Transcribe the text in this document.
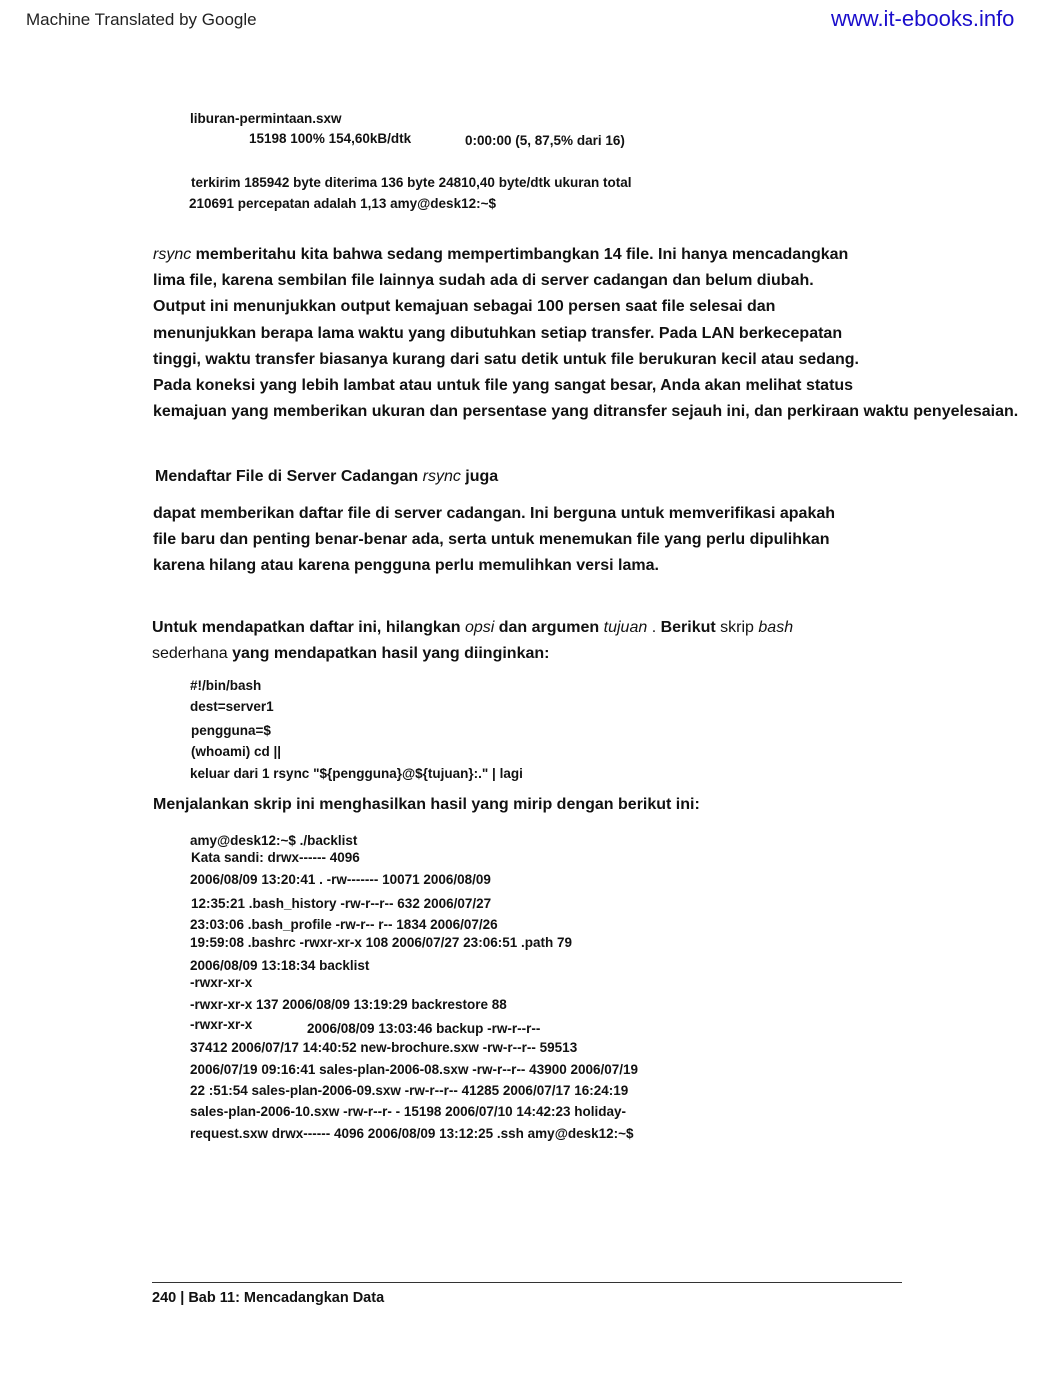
Machine Translated by Google	www.it-ebooks.info
liburan-permintaan.sxw
15198 100% 154,60kB/dtk	0:00:00 (5, 87,5% dari 16)
terkirim 185942 byte diterima 136 byte 24810,40 byte/dtk ukuran total
210691 percepatan adalah 1,13 amy@desk12:~$
rsync memberitahu kita bahwa sedang mempertimbangkan 14 file. Ini hanya mencadangkan
lima file, karena sembilan file lainnya sudah ada di server cadangan dan belum diubah.
Output ini menunjukkan output kemajuan sebagai 100 persen saat file selesai dan
menunjukkan berapa lama waktu yang dibutuhkan setiap transfer. Pada LAN berkecepatan
tinggi, waktu transfer biasanya kurang dari satu detik untuk file berukuran kecil atau sedang.
Pada koneksi yang lebih lambat atau untuk file yang sangat besar, Anda akan melihat status
kemajuan yang memberikan ukuran dan persentase yang ditransfer sejauh ini, dan perkiraan waktu penyelesaian.
Mendaftar File di Server Cadangan rsync juga
dapat memberikan daftar file di server cadangan. Ini berguna untuk memverifikasi apakah
file baru dan penting benar-benar ada, serta untuk menemukan file yang perlu dipulihkan
karena hilang atau karena pengguna perlu memulihkan versi lama.
Untuk mendapatkan daftar ini, hilangkan opsi dan argumen tujuan . Berikut skrip bash
sederhana yang mendapatkan hasil yang diinginkan:
#!/bin/bash
dest=server1
pengguna=$
(whoami) cd ||
keluar dari 1 rsync "${pengguna}@${tujuan}:." | lagi
Menjalankan skrip ini menghasilkan hasil yang mirip dengan berikut ini:
amy@desk12:~$ ./backlist
Kata sandi: drwx------ 4096
2006/08/09 13:20:41 . -rw------- 10071 2006/08/09
12:35:21 .bash_history -rw-r--r-- 632 2006/07/27
23:03:06 .bash_profile -rw-r-- r-- 1834 2006/07/26
19:59:08 .bashrc -rwxr-xr-x 108 2006/07/27 23:06:51 .path 79
2006/08/09 13:18:34 backlist
-rwxr-xr-x
-rwxr-xr-x 137 2006/08/09 13:19:29 backrestore 88
-rwxr-xr-x	2006/08/09 13:03:46 backup -rw-r--r--
37412 2006/07/17 14:40:52 new-brochure.sxw -rw-r--r-- 59513
2006/07/19 09:16:41 sales-plan-2006-08.sxw -rw-r--r-- 43900 2006/07/19
22 :51:54 sales-plan-2006-09.sxw -rw-r--r-- 41285 2006/07/17 16:24:19
sales-plan-2006-10.sxw -rw-r--r- - 15198 2006/07/10 14:42:23 holiday-
request.sxw drwx------ 4096 2006/08/09 13:12:25 .ssh amy@desk12:~$
240 | Bab 11: Mencadangkan Data
